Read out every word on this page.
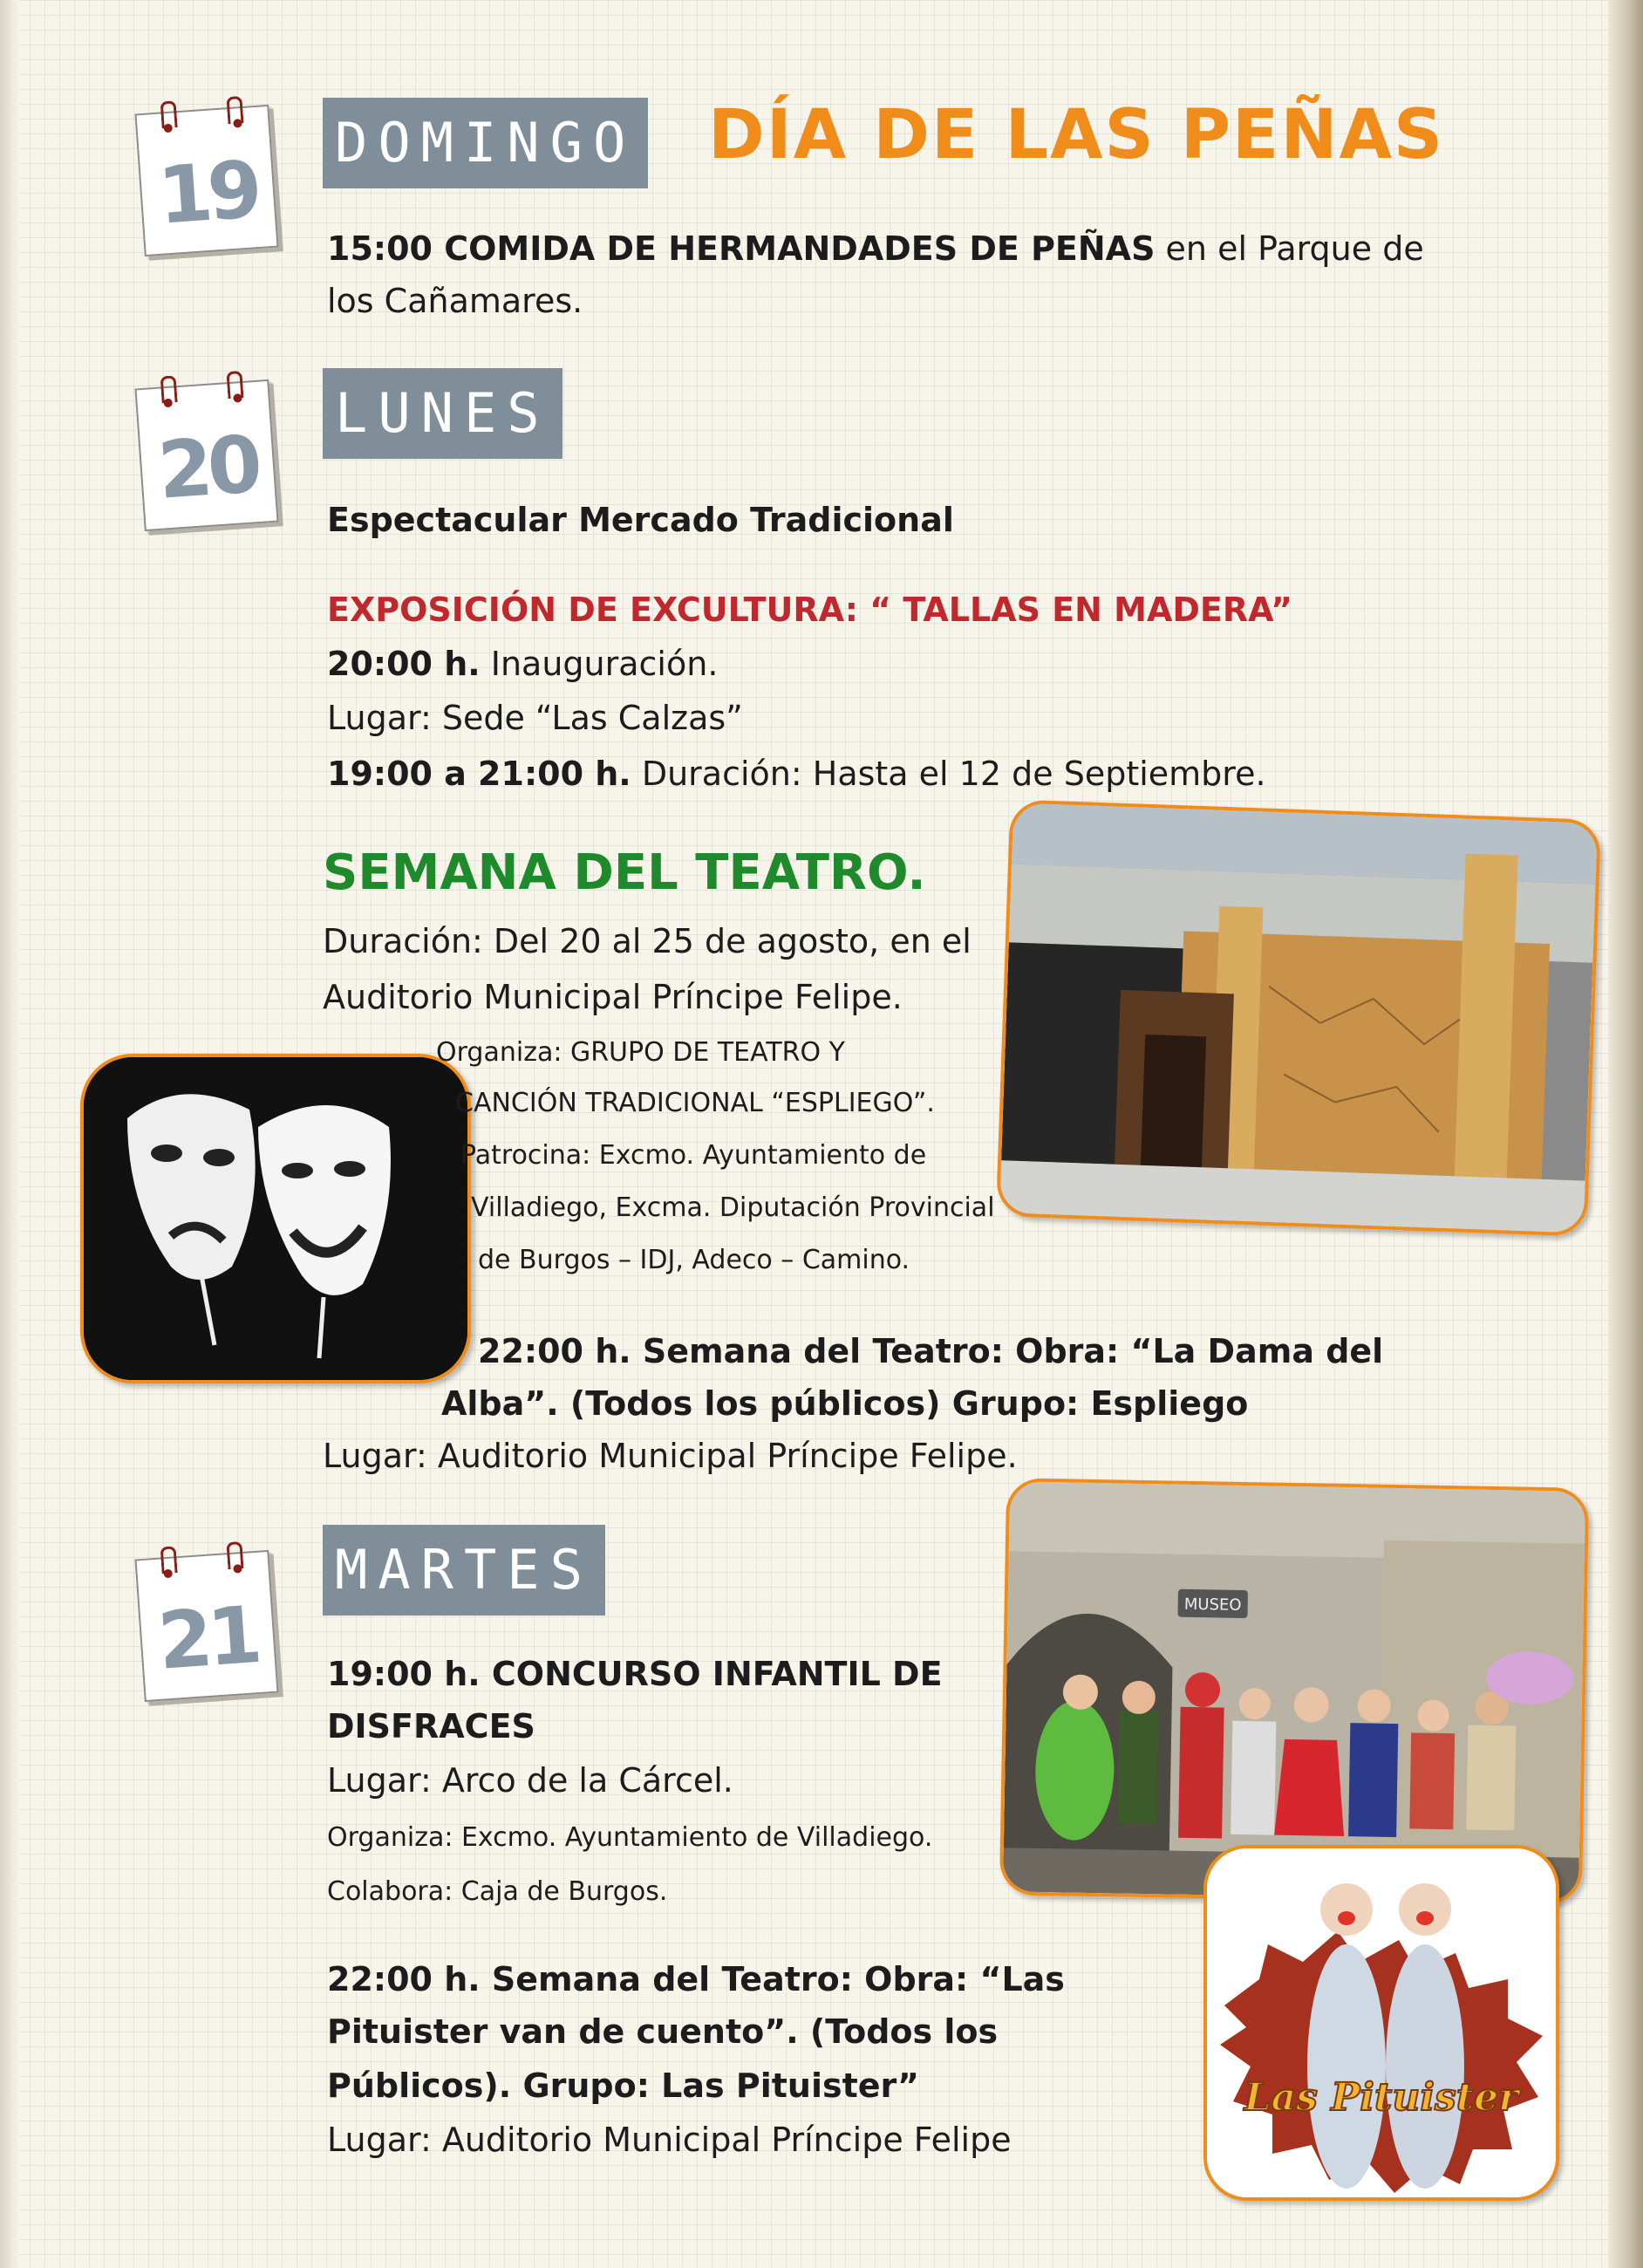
19
DOMINGO DÍA DE LAS PEÑAS
15:00 COMIDA DE HERMANDADES DE PEÑAS en el Parque de
los Cañamares.
20
LUNES
Espectacular Mercado Tradicional
EXPOSICIÓN DE EXCULTURA: “ TALLAS EN MADERA”
20:00 h. Inauguración.
Lugar: Sede “Las Calzas”
19:00 a 21:00 h. Duración: Hasta el 12 de Septiembre.
SEMANA DEL TEATRO.
Duración: Del 20 al 25 de agosto, en el
Auditorio Municipal Príncipe Felipe.
Organiza: GRUPO DE TEATRO Y
CANCIÓN TRADICIONAL “ESPLIEGO”.
Patrocina: Excmo. Ayuntamiento de
Villadiego, Excma. Diputación Provincial
de Burgos – IDJ, Adeco – Camino.
22:00 h. Semana del Teatro: Obra: “La Dama del
Alba”. (Todos los públicos) Grupo: Espliego
Lugar: Auditorio Municipal Príncipe Felipe.
21
MARTES
MUSEO
19:00 h. CONCURSO INFANTIL DE
DISFRACES
Lugar: Arco de la Cárcel.
Organiza: Excmo. Ayuntamiento de Villadiego.
Colabora: Caja de Burgos.
22:00 h. Semana del Teatro: Obra: “Las
Pituister van de cuento”. (Todos los
Públicos). Grupo: Las Pituister”
Lugar: Auditorio Municipal Príncipe Felipe
Las Pituister
